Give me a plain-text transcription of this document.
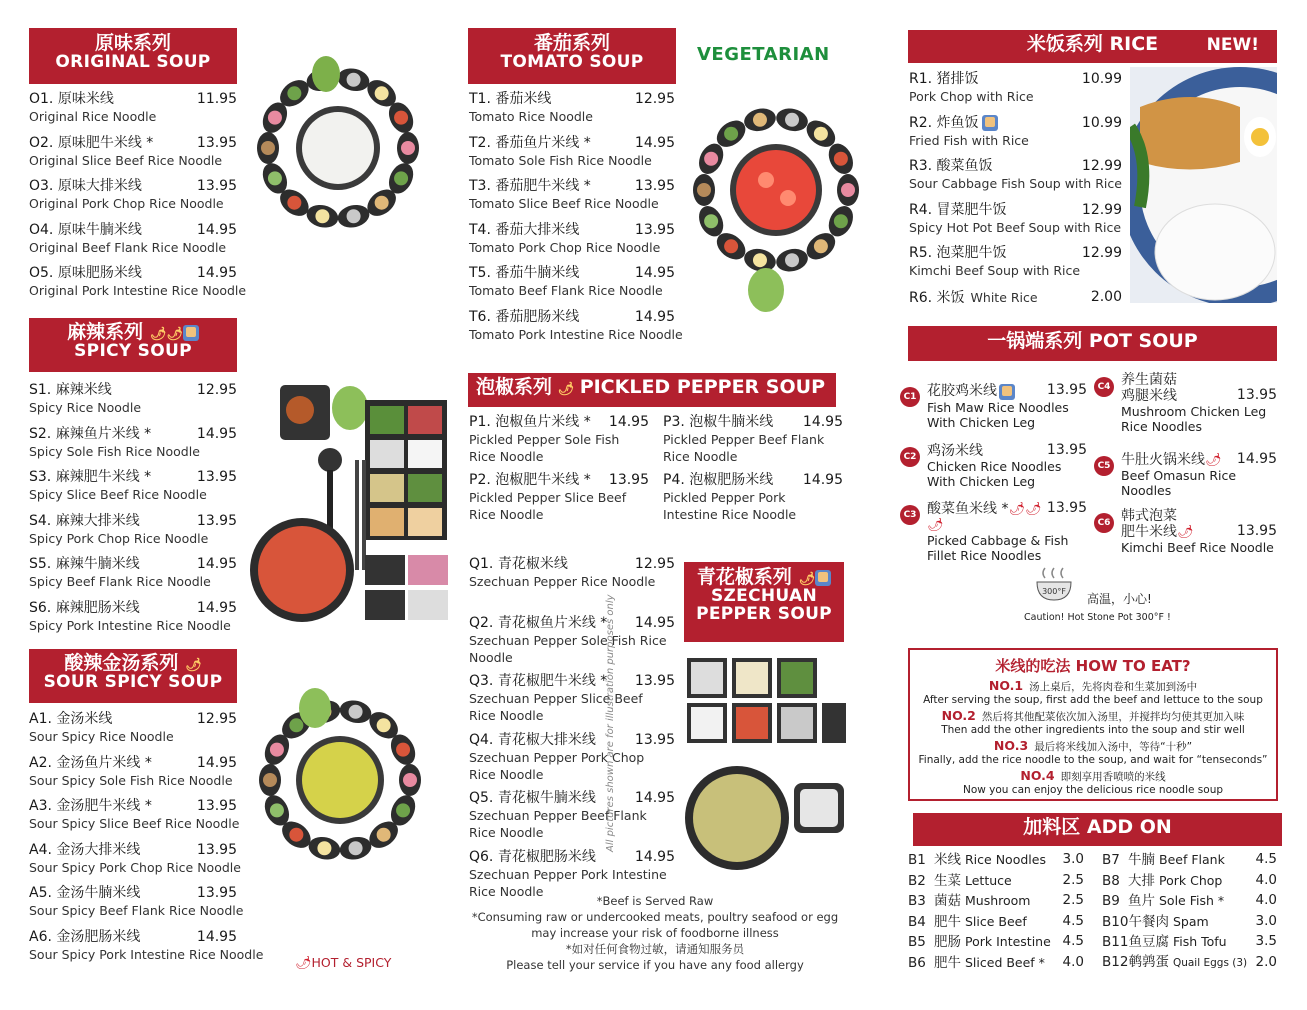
原味系列
ORIGINAL SOUP
O1. 原味米线	11.95
Original Rice Noodle
O2. 原味肥牛米线 *	13.95
Original Slice Beef Rice Noodle
O3. 原味大排米线	13.95
Original Pork Chop Rice Noodle
O4. 原味牛腩米线	14.95
Original Beef Flank Rice Noodle
O5. 原味肥肠米线	14.95
Original Pork Intestine Rice Noodle
麻辣系列 🌶🌶
SPICY SOUP
S1. 麻辣米线	12.95
Spicy Rice Noodle
S2. 麻辣鱼片米线 *	14.95
Spicy Sole Fish Rice Noodle
S3. 麻辣肥牛米线 *	13.95
Spicy Slice Beef Rice Noodle
S4. 麻辣大排米线	13.95
Spicy Pork Chop Rice Noodle
S5. 麻辣牛腩米线	14.95
Spicy Beef Flank Rice Noodle
S6. 麻辣肥肠米线	14.95
Spicy Pork Intestine Rice Noodle
酸辣金汤系列 🌶
SOUR SPICY SOUP
A1. 金汤米线	12.95
Sour Spicy Rice Noodle
A2. 金汤鱼片米线 *	14.95
Sour Spicy Sole Fish Rice Noodle
A3. 金汤肥牛米线 *	13.95
Sour Spicy Slice Beef Rice Noodle
A4. 金汤大排米线	13.95
Sour Spicy Pork Chop Rice Noodle
A5. 金汤牛腩米线	13.95
Sour Spicy Beef Flank Rice Noodle
A6. 金汤肥肠米线	14.95
Sour Spicy Pork Intestine Rice Noodle
🌶HOT & SPICY
番茄系列
TOMATO SOUP	VEGETARIAN
T1. 番茄米线	12.95
Tomato Rice Noodle
T2. 番茄鱼片米线 *	14.95
Tomato Sole Fish Rice Noodle
T3. 番茄肥牛米线 *	13.95
Tomato Slice Beef Rice Noodle
T4. 番茄大排米线	13.95
Tomato Pork Chop Rice Noodle
T5. 番茄牛腩米线	14.95
Tomato Beef Flank Rice Noodle
T6. 番茄肥肠米线	14.95
Tomato Pork Intestine Rice Noodle
泡椒系列 🌶 PICKLED PEPPER SOUP
P1. 泡椒鱼片米线 * 14.95
Pickled Pepper Sole Fish Rice Noodle
P2. 泡椒肥牛米线 * 13.95
Pickled Pepper Slice Beef Rice Noodle
P3. 泡椒牛腩米线 14.95
Pickled Pepper Beef Flank Rice Noodle
P4. 泡椒肥肠米线 14.95
Pickled Pepper Pork Intestine Rice Noodle
青花椒系列 🌶
SZECHUAN
PEPPER SOUP
Q1. 青花椒米线	12.95
Szechuan Pepper Rice Noodle
Q2. 青花椒鱼片米线 * 14.95
Szechuan Pepper Sole Fish Rice Noodle
Q3. 青花椒肥牛米线 * 13.95
Szechuan Pepper Slice Beef Rice Noodle
Q4. 青花椒大排米线	13.95
Szechuan Pepper Pork Chop Rice Noodle
Q5. 青花椒牛腩米线	14.95
Szechuan Pepper Beef Flank Rice Noodle
Q6. 青花椒肥肠米线	14.95
Szechuan Pepper Pork Intestine Rice Noodle
*Beef is Served Raw
*Consuming raw or undercooked meats, poultry seafood or egg
may increase your risk of foodborne illness
*如对任何食物过敏，请通知服务员
Please tell your service if you have any food allergy
All pictures shown are for illustration purposes only
米饭系列 RICE	NEW!
R1. 猪排饭	10.99
Pork Chop with Rice
R2. 炸鱼饭	10.99
Fried Fish with Rice
R3. 酸菜鱼饭	12.99
Sour Cabbage Fish Soup with Rice
R4. 冒菜肥牛饭	12.99
Spicy Hot Pot Beef Soup with Rice
R5. 泡菜肥牛饭	12.99
Kimchi Beef Soup with Rice
R6. 米饭 White Rice	2.00
一锅端系列 POT SOUP
C1 花胶鸡米线	13.95
Fish Maw Rice Noodles
With Chicken Leg
C2 鸡汤米线	13.95
Chicken Rice Noodles
With Chicken Leg
C3 酸菜鱼米线 *🌶🌶🌶
13.95
Picked Cabbage & Fish
Fillet Rice Noodles
C4 养生菌菇
鸡腿米线	13.95
Mushroom Chicken Leg
Rice Noodles
C5 牛肚火锅米线🌶 14.95
Beef Omasun Rice
Noodles
C6 韩式泡菜
肥牛米线🌶	13.95
Kimchi Beef Rice Noodle
300°F
高温，小心!
Caution! Hot Stone Pot 300°F !
米线的吃法 HOW TO EAT?
NO.1 汤上桌后，先将肉卷和生菜加到汤中
After serving the soup, first add the beef and lettuce to the soup
NO.2 然后将其他配菜依次加入汤里，并搅拌均匀使其更加入味
Then add the other ingredients into the soup and stir well
NO.3 最后将米线加入汤中，等待“十秒”
Finally, add the rice noodle to the soup, and wait for “tenseconds”
NO.4 即刻享用香喷喷的米线
Now you can enjoy the delicious rice noodle soup
加料区 ADD ON
B1 米线 Rice Noodles 3.0
B2 生菜 Lettuce	2.5
B3 菌菇 Mushroom 2.5
B4 肥牛 Slice Beef	4.5
B5 肥肠 Pork Intestine 4.5
B6 肥牛 Sliced Beef * 4.0
B7 牛腩 Beef Flank 4.5
B8 大排 Pork Chop 4.0
B9 鱼片 Sole Fish * 4.0
B10午餐肉 Spam	3.0
B11鱼豆腐 Fish Tofu 3.5
B12鹌鹑蛋 Quail Eggs (3) 2.0
